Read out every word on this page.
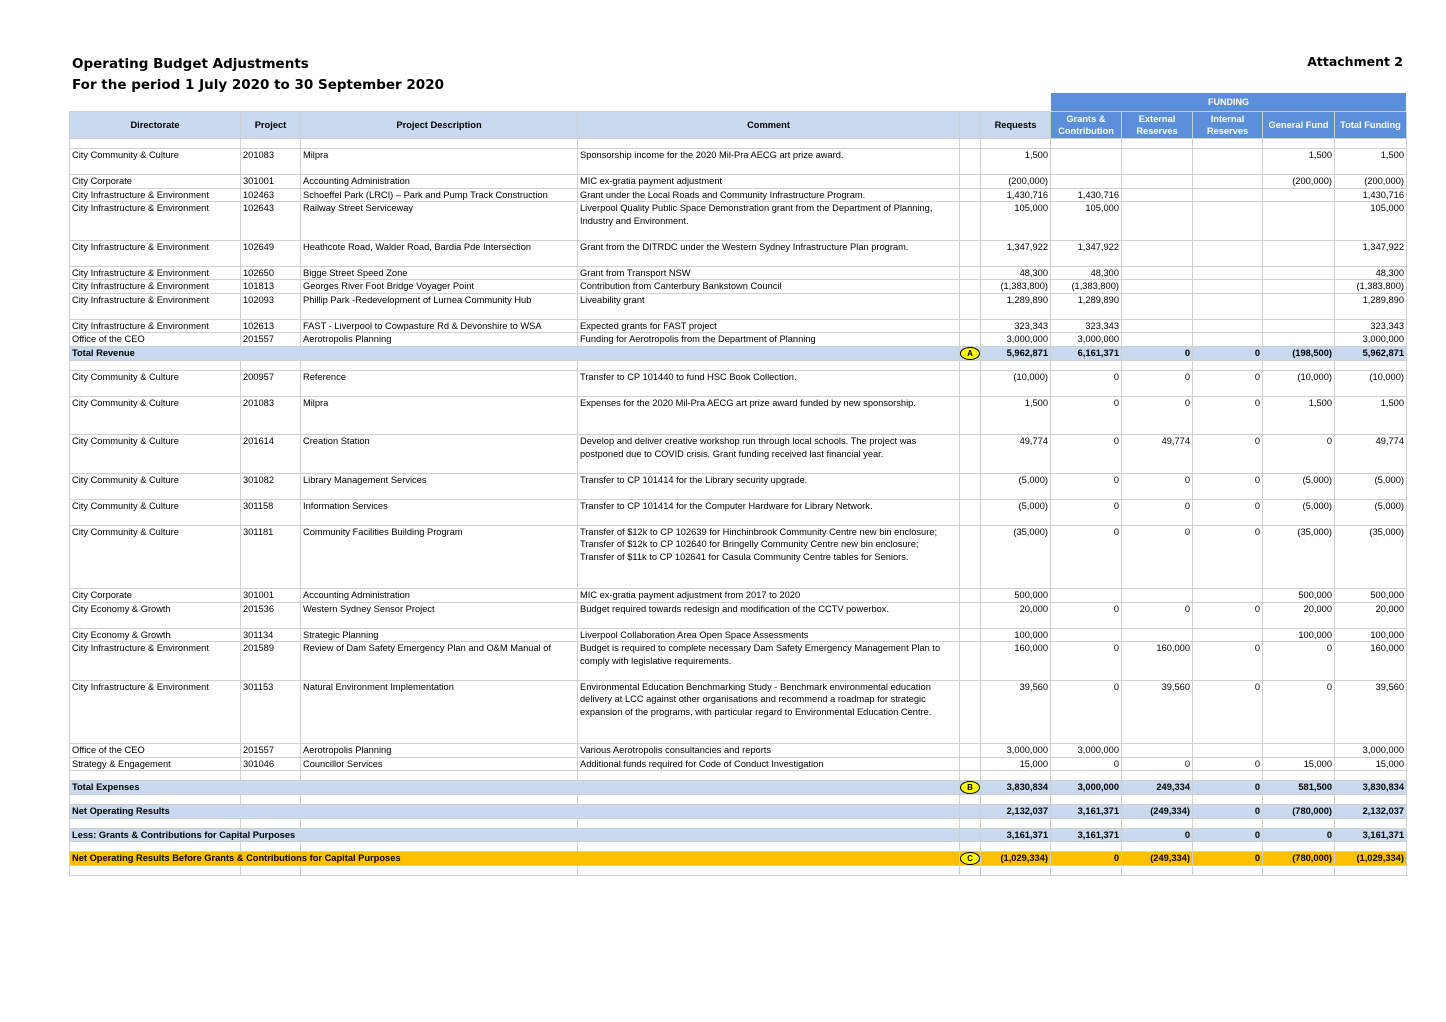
Operating Budget Adjustments
For the period 1 July 2020 to 30 September 2020
Attachment 2
FUNDING
Directorate	Project	Project Description	Comment		Requests	Grants & Contribution	External Reserves	Internal Reserves	General Fund	Total Funding

City Community & Culture	201083	Milpra	Sponsorship income for the 2020 Mil-Pra AECG art prize award.		1,500				1,500	1,500
City Corporate	301001	Accounting Administration	MIC ex-gratia payment adjustment		(200,000)				(200,000)	(200,000)
City Infrastructure & Environment	102463	Schoeffel Park (LRCI) – Park and Pump Track Construction	Grant under the Local Roads and Community Infrastructure Program.		1,430,716	1,430,716				1,430,716
City Infrastructure & Environment	102643	Railway Street Serviceway	Liverpool Quality Public Space Demonstration grant from the Department of Planning, Industry and Environment.		105,000	105,000				105,000
City Infrastructure & Environment	102649	Heathcote Road, Walder Road, Bardia Pde Intersection	Grant from the DITRDC under the Western Sydney Infrastructure Plan program.		1,347,922	1,347,922				1,347,922
City Infrastructure & Environment	102650	Bigge Street Speed Zone	Grant from Transport NSW		48,300	48,300				48,300
City Infrastructure & Environment	101813	Georges River Foot Bridge Voyager Point	Contribution from Canterbury Bankstown Council		(1,383,800)	(1,383,800)				(1,383,800)
City Infrastructure & Environment	102093	Phillip Park -Redevelopment of Lurnea Community Hub	Liveability grant		1,289,890	1,289,890				1,289,890
City Infrastructure & Environment	102613	FAST - Liverpool to Cowpasture Rd & Devonshire to WSA	Expected grants for FAST project		323,343	323,343				323,343
Office of the CEO	201557	Aerotropolis Planning	Funding for Aerotropolis from the Department of Planning		3,000,000	3,000,000				3,000,000
Total Revenue				A	5,962,871	6,161,371	0	0	(198,500)	5,962,871

City Community & Culture	200957	Reference	Transfer to CP 101440 to fund HSC Book Collection.		(10,000)	0	0	0	(10,000)	(10,000)
City Community & Culture	201083	Milpra	Expenses for the 2020 Mil-Pra AECG art prize award funded by new sponsorship.		1,500	0	0	0	1,500	1,500
City Community & Culture	201614	Creation Station	Develop and deliver creative workshop run through local schools. The project was postponed due to COVID crisis. Grant funding received last financial year.		49,774	0	49,774	0	0	49,774
City Community & Culture	301082	Library Management Services	Transfer to CP 101414 for the Library security upgrade.		(5,000)	0	0	0	(5,000)	(5,000)
City Community & Culture	301158	Information Services	Transfer to CP 101414 for the Computer Hardware for Library Network.		(5,000)	0	0	0	(5,000)	(5,000)
City Community & Culture	301181	Community Facilities Building Program	Transfer of $12k to CP 102639 for Hinchinbrook Community Centre new bin enclosure;
Transfer of $12k to CP 102640 for Bringelly Community Centre new bin enclosure;
Transfer of $11k to CP 102641 for Casula Community Centre tables for Seniors.		(35,000)	0	0	0	(35,000)	(35,000)
City Corporate	301001	Accounting Administration	MIC ex-gratia payment adjustment from 2017 to 2020		500,000				500,000	500,000
City Economy & Growth	201536	Western Sydney Sensor Project	Budget required towards redesign and modification of the CCTV powerbox.		20,000	0	0	0	20,000	20,000
City Economy & Growth	301134	Strategic Planning	Liverpool Collaboration Area Open Space Assessments		100,000				100,000	100,000
City Infrastructure & Environment	201589	Review of Dam Safety Emergency Plan and O&M Manual of	Budget is required to complete necessary Dam Safety Emergency Management Plan to comply with legislative requirements.		160,000	0	160,000	0	0	160,000
City Infrastructure & Environment	301153	Natural Environment Implementation	Environmental Education Benchmarking Study - Benchmark environmental education delivery at LCC against other organisations and recommend a roadmap for strategic expansion of the programs, with particular regard to Environmental Education Centre.		39,560	0	39,560	0	0	39,560
Office of the CEO	201557	Aerotropolis Planning	Various Aerotropolis consultancies and reports		3,000,000	3,000,000				3,000,000
Strategy & Engagement	301046	Councillor Services	Additional funds required for Code of Conduct Investigation		15,000	0	0	0	15,000	15,000

Total Expenses				B	3,830,834	3,000,000	249,334	0	581,500	3,830,834

Net Operating Results					2,132,037	3,161,371	(249,334)	0	(780,000)	2,132,037

Less: Grants & Contributions for Capital Purposes					3,161,371	3,161,371	0	0	0	3,161,371

Net Operating Results Before Grants & Contributions for Capital Purposes				C	(1,029,334)	0	(249,334)	0	(780,000)	(1,029,334)
